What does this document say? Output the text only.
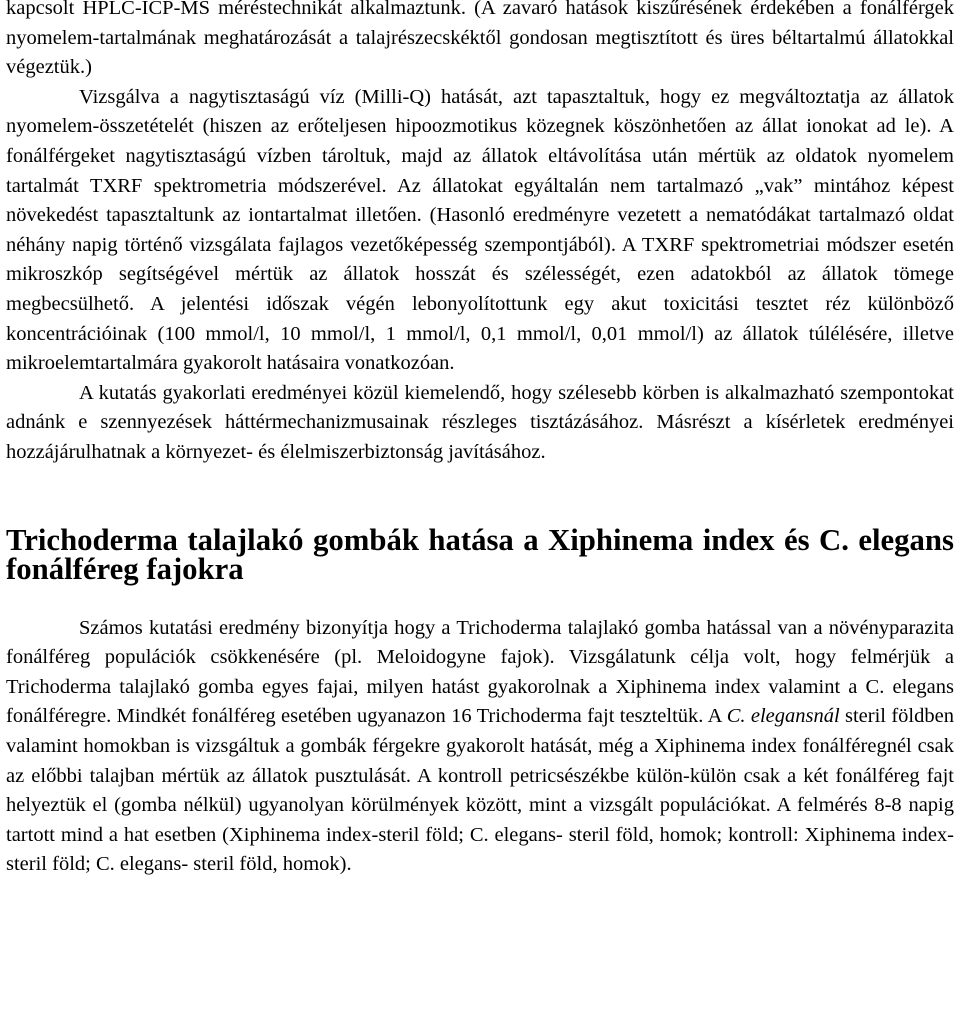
kapcsolt HPLC-ICP-MS méréstechnikát alkalmaztunk. (A zavaró hatások kiszűrésének érdekében a fonálférgek nyomelem-tartalmának meghatározását a talajrészecskéktől gondosan megtisztított és üres béltartalmú állatokkal végeztük.)

Vizsgálva a nagytisztaságú víz (Milli-Q) hatását, azt tapasztaltuk, hogy ez megváltoztatja az állatok nyomelem-összetételét (hiszen az erőteljesen hipoozmotikus közegnek köszönhetően az állat ionokat ad le). A fonálférgeket nagytisztaságú vízben tároltuk, majd az állatok eltávolítása után mértük az oldatok nyomelem tartalmát TXRF spektrometria módszerével. Az állatokat egyáltalán nem tartalmazó „vak” mintához képest növekedést tapasztaltunk az iontartalmat illetően. (Hasonló eredményre vezetett a nematódákat tartalmazó oldat néhány napig történő vizsgálata fajlagos vezetőképesség szempontjából). A TXRF spektrometriai módszer esetén mikroszkóp segítségével mértük az állatok hosszát és szélességét, ezen adatokból az állatok tömege megbecsülhető. A jelentési időszak végén lebonyolítottunk egy akut toxicitási tesztet réz különböző koncentrációinak (100 mmol/l, 10 mmol/l, 1 mmol/l, 0,1 mmol/l, 0,01 mmol/l) az állatok túlélésére, illetve mikroelemtartalmára gyakorolt hatásaira vonatkozóan.

A kutatás gyakorlati eredményei közül kiemelendő, hogy szélesebb körben is alkalmazható szempontokat adnánk e szennyezések háttérmechanizmusainak részleges tisztázásához. Másrészt a kísérletek eredményei hozzájárulhatnak a környezet- és élelmiszerbiztonság javításához.

Trichoderma talajlakó gombák hatása a Xiphinema index és C. elegans fonálféreg fajokra

Számos kutatási eredmény bizonyítja hogy a Trichoderma talajlakó gomba hatással van a növényparazita fonálféreg populációk csökkenésére (pl. Meloidogyne fajok). Vizsgálatunk célja volt, hogy felmérjük a Trichoderma talajlakó gomba egyes fajai, milyen hatást gyakorolnak a Xiphinema index valamint a C. elegans fonálféregre. Mindkét fonálféreg esetében ugyanazon 16 Trichoderma fajt teszteltük. A C. elegansnál steril földben valamint homokban is vizsgáltuk a gombák férgekre gyakorolt hatását, még a Xiphinema index fonálféregnél csak az előbbi talajban mértük az állatok pusztulását. A kontroll petricsészékbe külön-külön csak a két fonálféreg fajt helyeztük el (gomba nélkül) ugyanolyan körülmények között, mint a vizsgált populációkat. A felmérés 8-8 napig tartott mind a hat esetben (Xiphinema index-steril föld; C. elegans- steril föld, homok; kontroll: Xiphinema index-steril föld; C. elegans- steril föld, homok).
